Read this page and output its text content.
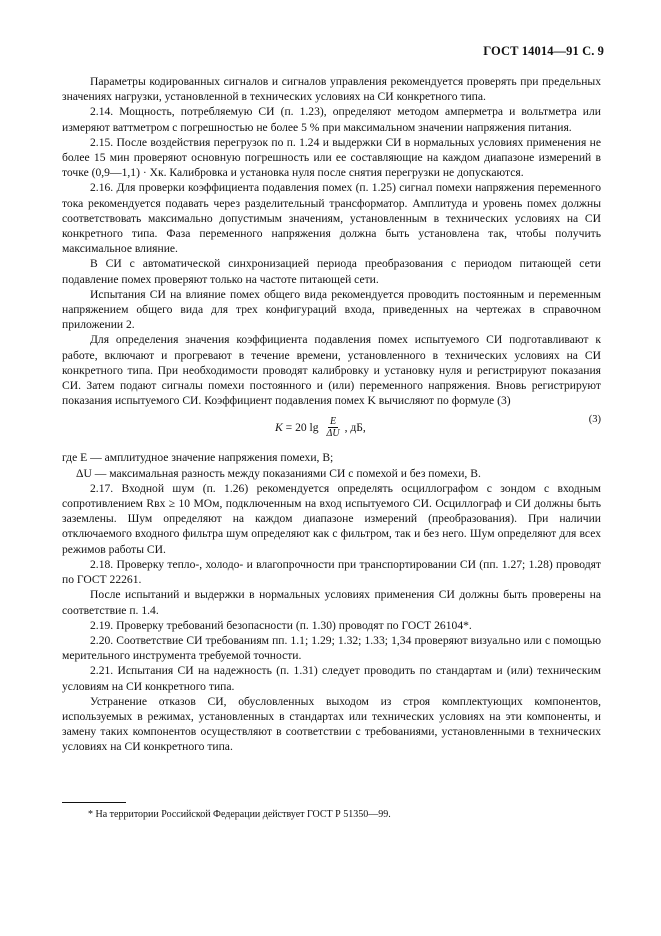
ГОСТ 14014—91 С. 9

Параметры кодированных сигналов и сигналов управления рекомендуется проверять при предельных значениях нагрузки, установленной в технических условиях на СИ конкретного типа.

2.14. Мощность, потребляемую СИ (п. 1.23), определяют методом амперметра и вольтметра или измеряют ваттметром с погрешностью не более 5 % при максимальном значении напряжения питания.

2.15. После воздействия перегрузок по п. 1.24 и выдержки СИ в нормальных условиях применения не более 15 мин проверяют основную погрешность или ее составляющие на каждом диапазоне измерений в точке (0,9—1,1) · Xк. Калибровка и установка нуля после снятия перегрузки не допускаются.

2.16. Для проверки коэффициента подавления помех (п. 1.25) сигнал помехи напряжения переменного тока рекомендуется подавать через разделительный трансформатор. Амплитуда и уровень помех должны соответствовать максимально допустимым значениям, установленным в технических условиях на СИ конкретного типа. Фаза переменного напряжения должна быть установлена так, чтобы получить максимальное влияние.

В СИ с автоматической синхронизацией периода преобразования с периодом питающей сети подавление помех проверяют только на частоте питающей сети.

Испытания СИ на влияние помех общего вида рекомендуется проводить постоянным и переменным напряжением общего вида для трех конфигураций входа, приведенных на чертежах в справочном приложении 2.

Для определения значения коэффициента подавления помех испытуемого СИ подготавливают к работе, включают и прогревают в течение времени, установленного в технических условиях на СИ конкретного типа. При необходимости проводят калибровку и установку нуля и регистрируют показания СИ. Затем подают сигналы помехи постоянного и (или) переменного напряжения. Вновь регистрируют показания испытуемого СИ. Коэффициент подавления помех K вычисляют по формуле (3)

K = 20 $\lg \frac{E}{\Delta U}$ , дБ,
(3)

где E — амплитудное значение напряжения помехи, В;

ΔU — максимальная разность между показаниями СИ с помехой и без помехи, В.

2.17. Входной шум (п. 1.26) рекомендуется определять осциллографом с зондом с входным сопротивлением Rвх ≥ 10 МОм, подключенным на вход испытуемого СИ. Осциллограф и СИ должны быть заземлены. Шум определяют на каждом диапазоне измерений (преобразования). При наличии отключаемого входного фильтра шум определяют как с фильтром, так и без него. Шум определяют для всех режимов работы СИ.

2.18. Проверку тепло-, холодо- и влагопрочности при транспортировании СИ (пп. 1.27; 1.28) проводят по ГОСТ 22261.

После испытаний и выдержки в нормальных условиях применения СИ должны быть проверены на соответствие п. 1.4.

2.19. Проверку требований безопасности (п. 1.30) проводят по ГОСТ 26104*.

2.20. Соответствие СИ требованиям пп. 1.1; 1.29; 1.32; 1.33; 1,34 проверяют визуально или с помощью мерительного инструмента требуемой точности.

2.21. Испытания СИ на надежность (п. 1.31) следует проводить по стандартам и (или) техническим условиям на СИ конкретного типа.

Устранение отказов СИ, обусловленных выходом из строя комплектующих компонентов, используемых в режимах, установленных в стандартах или технических условиях на эти компоненты, и замену таких компонентов осуществляют в соответствии с требованиями, установленными в технических условиях на СИ конкретного типа.

* На территории Российской Федерации действует ГОСТ Р 51350—99.
